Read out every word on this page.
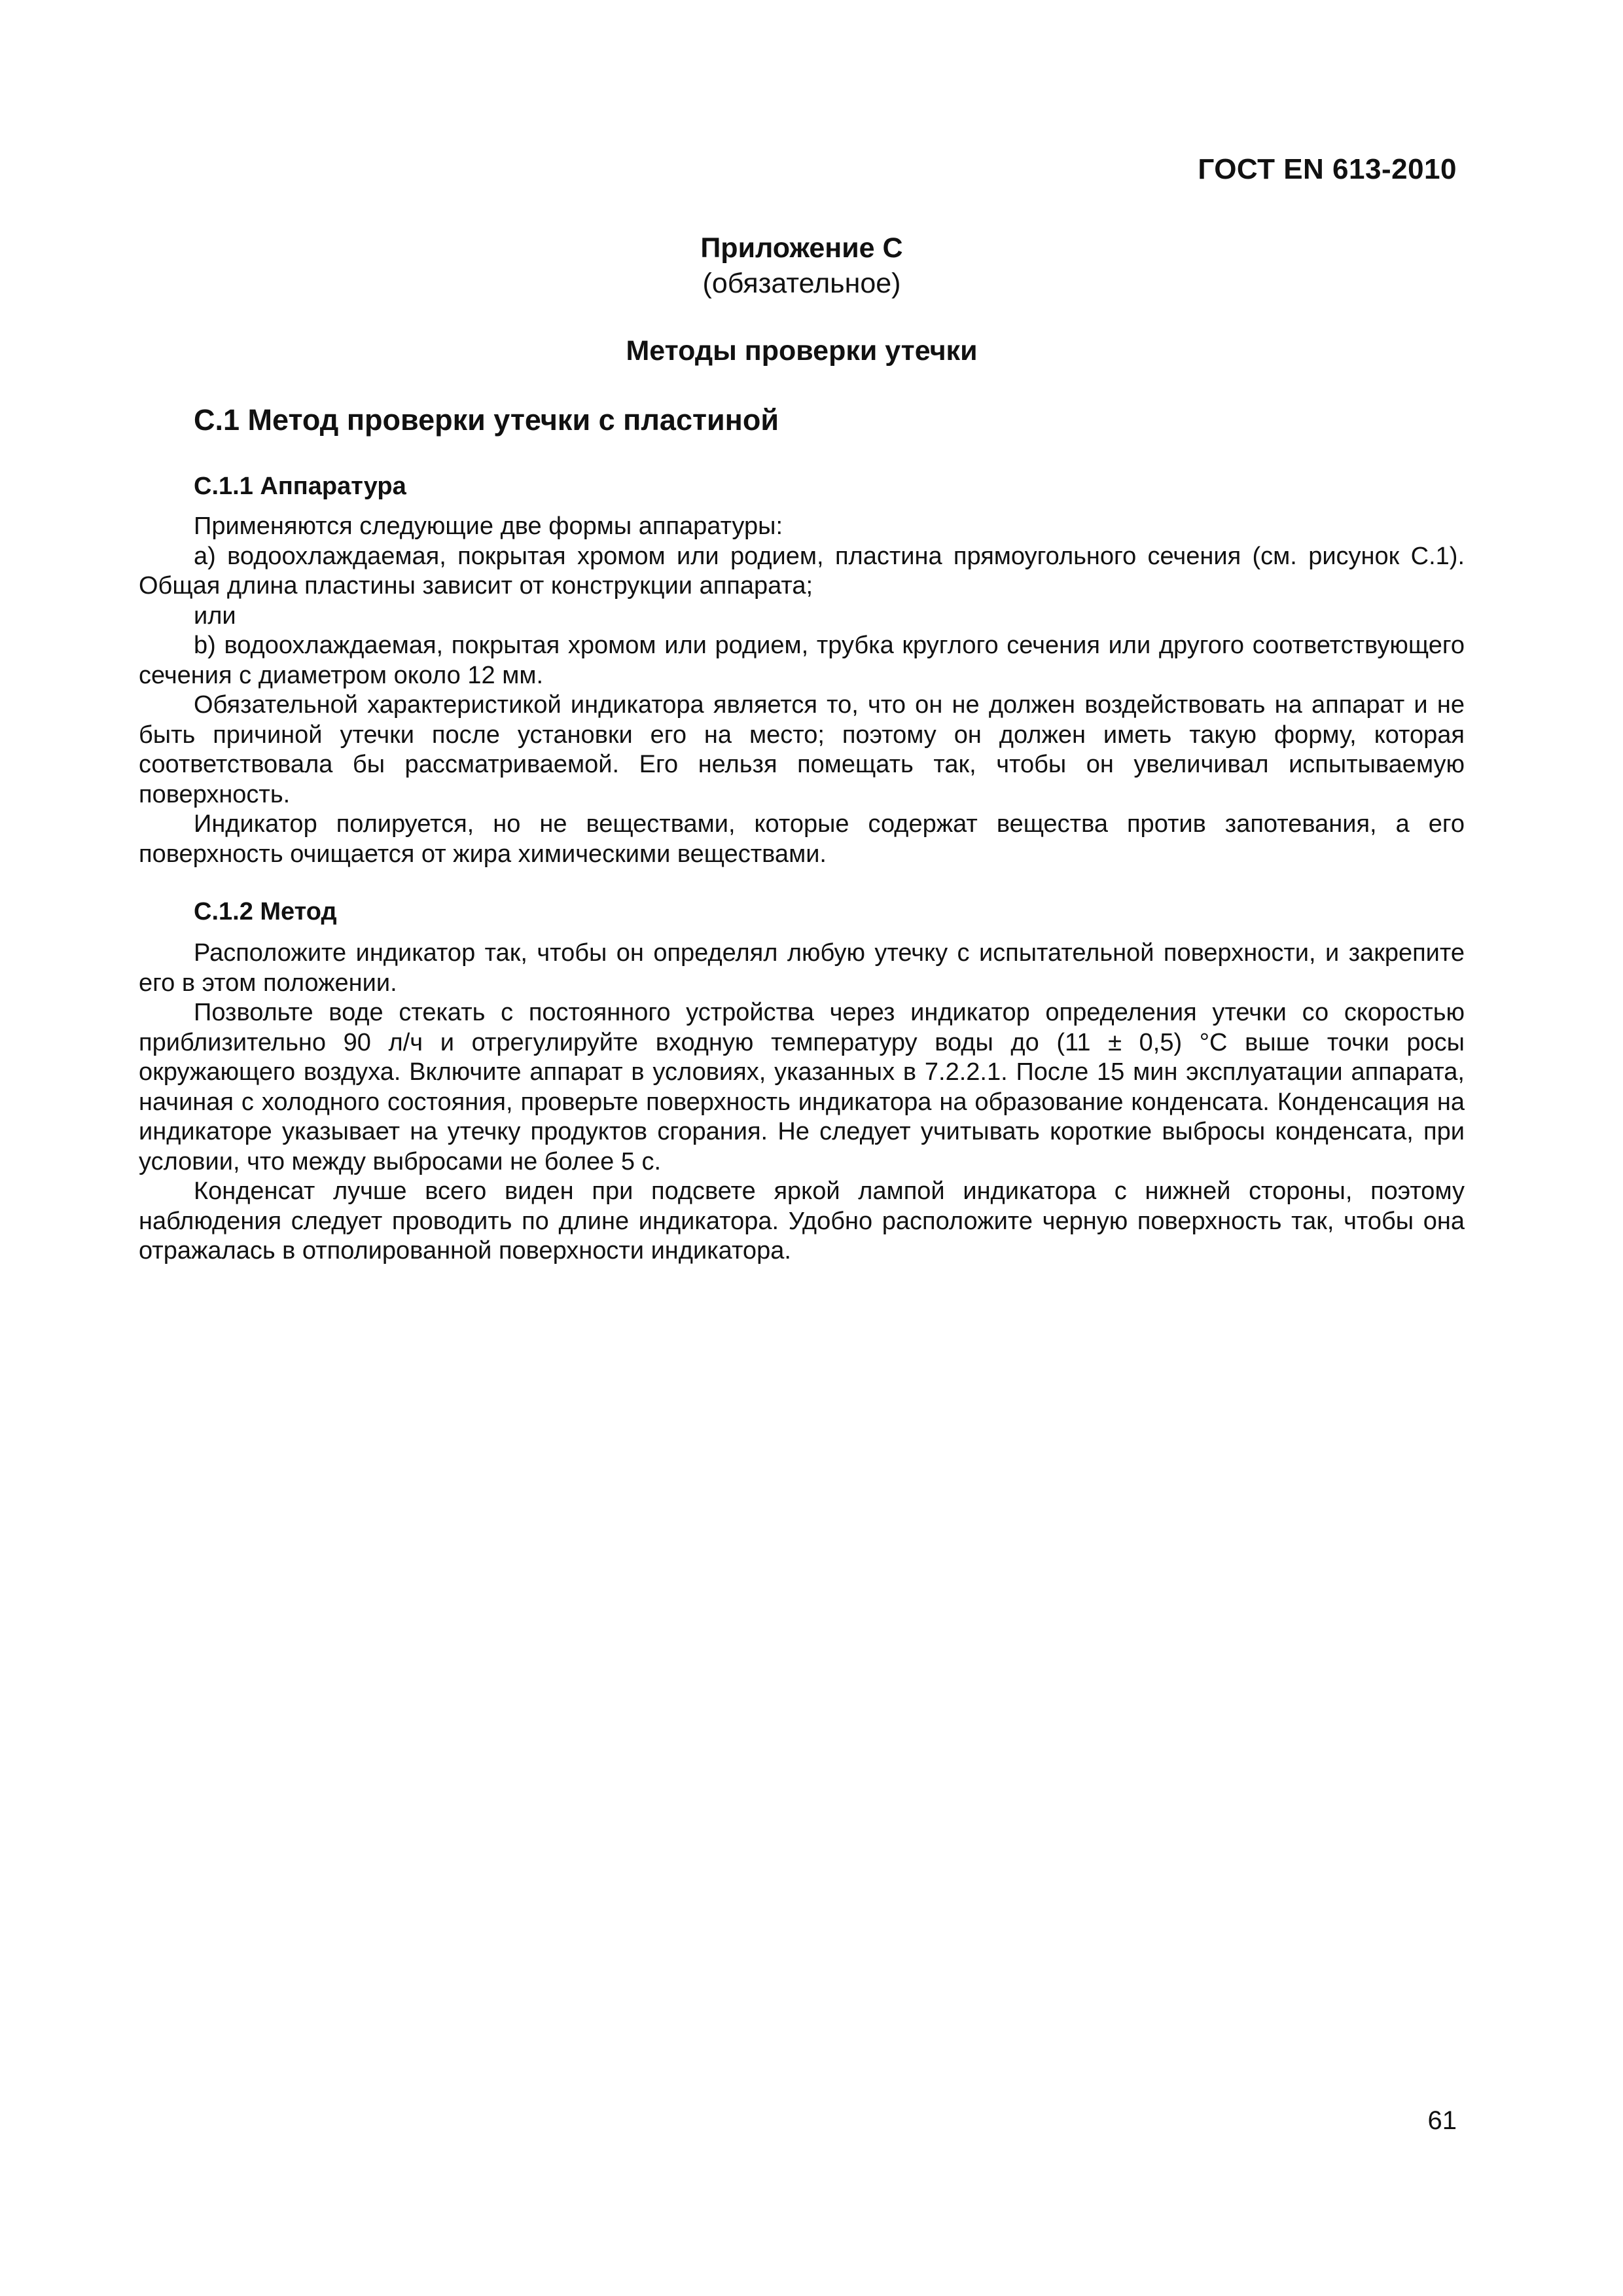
ГОСТ EN 613-2010
Приложение С
(обязательное)
Методы проверки утечки
С.1 Метод проверки утечки с пластиной
С.1.1 Аппаратура

Применяются следующие две формы аппаратуры:

а) водоохлаждаемая, покрытая хромом или родием, пластина прямоугольного сечения (см. рисунок С.1). Общая длина пластины зависит от конструкции аппарата;

или

b) водоохлаждаемая, покрытая хромом или родием, трубка круглого сечения или другого соответствующего сечения с диаметром около 12 мм.

Обязательной характеристикой индикатора является то, что он не должен воздействовать на аппарат и не быть причиной утечки после установки его на место; поэтому он должен иметь такую форму, которая соответствовала бы рассматриваемой. Его нельзя помещать так, чтобы он увеличивал испытываемую поверхность.

Индикатор полируется, но не веществами, которые содержат вещества против запотевания, а его поверхность очищается от жира химическими веществами.

С.1.2 Метод

Расположите индикатор так, чтобы он определял любую утечку с испытательной поверхности, и закрепите его в этом положении.

Позвольте воде стекать с постоянного устройства через индикатор определения утечки со скоростью приблизительно 90 л/ч и отрегулируйте входную температуру воды до (11 ± 0,5) °С выше точки росы окружающего воздуха. Включите аппарат в условиях, указанных в 7.2.2.1. После 15 мин эксплуатации аппарата, начиная с холодного состояния, проверьте поверхность индикатора на образование конденсата. Конденсация на индикаторе указывает на утечку продуктов сгорания. Не следует учитывать короткие выбросы конденсата, при условии, что между выбросами не более 5 с.

Конденсат лучше всего виден при подсвете яркой лампой индикатора с нижней стороны, поэтому наблюдения следует проводить по длине индикатора. Удобно расположите черную поверхность так, чтобы она отражалась в отполированной поверхности индикатора.

61
